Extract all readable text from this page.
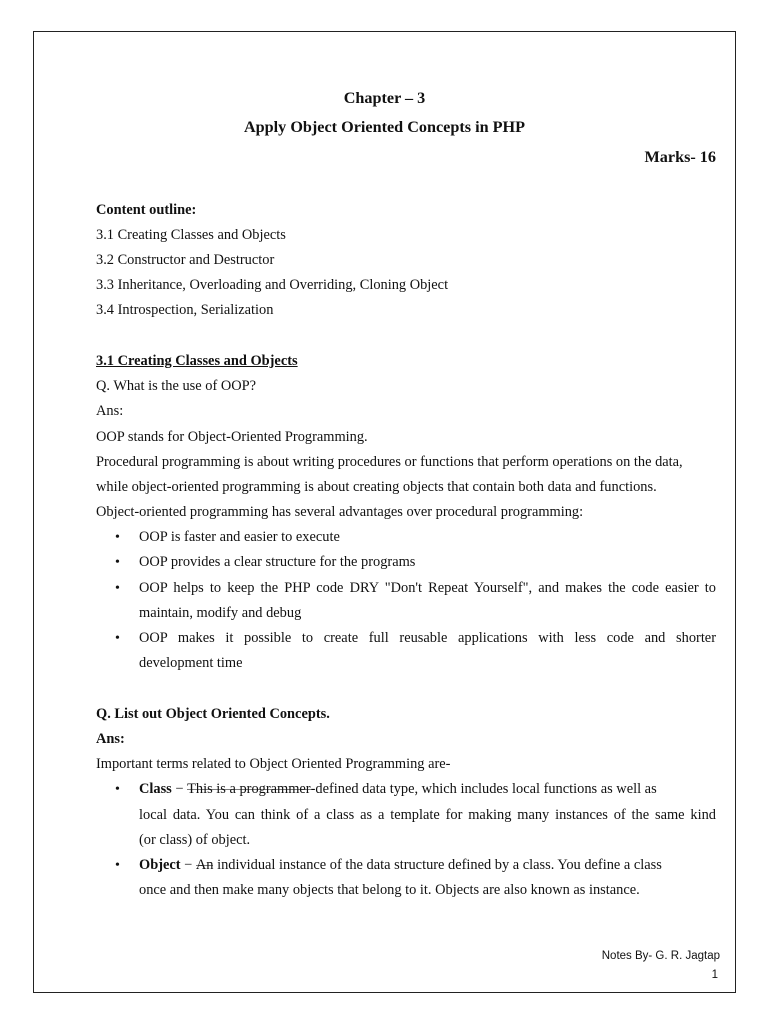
Chapter – 3
Apply Object Oriented Concepts in PHP
Marks- 16
Content outline:
3.1 Creating Classes and Objects
3.2 Constructor and Destructor
3.3 Inheritance, Overloading and Overriding, Cloning Object
3.4 Introspection, Serialization
3.1 Creating Classes and Objects
Q. What is the use of OOP?
Ans:
OOP stands for Object-Oriented Programming.
Procedural programming is about writing procedures or functions that perform operations on the data,
while object-oriented programming is about creating objects that contain both data and functions.
Object-oriented programming has several advantages over procedural programming:
• OOP is faster and easier to execute
• OOP provides a clear structure for the programs
• OOP helps to keep the PHP code DRY "Don't Repeat Yourself", and makes the code easier to
maintain, modify and debug
• OOP makes it possible to create full reusable applications with less code and shorter
development time
Q. List out Object Oriented Concepts.
Ans:
Important terms related to Object Oriented Programming are-
• Class − This is a programmer-defined data type, which includes local functions as well as
local data. You can think of a class as a template for making many instances of the same kind
(or class) of object.
• Object − An individual instance of the data structure defined by a class. You define a class
once and then make many objects that belong to it. Objects are also known as instance.
Notes By- G. R. Jagtap
1
